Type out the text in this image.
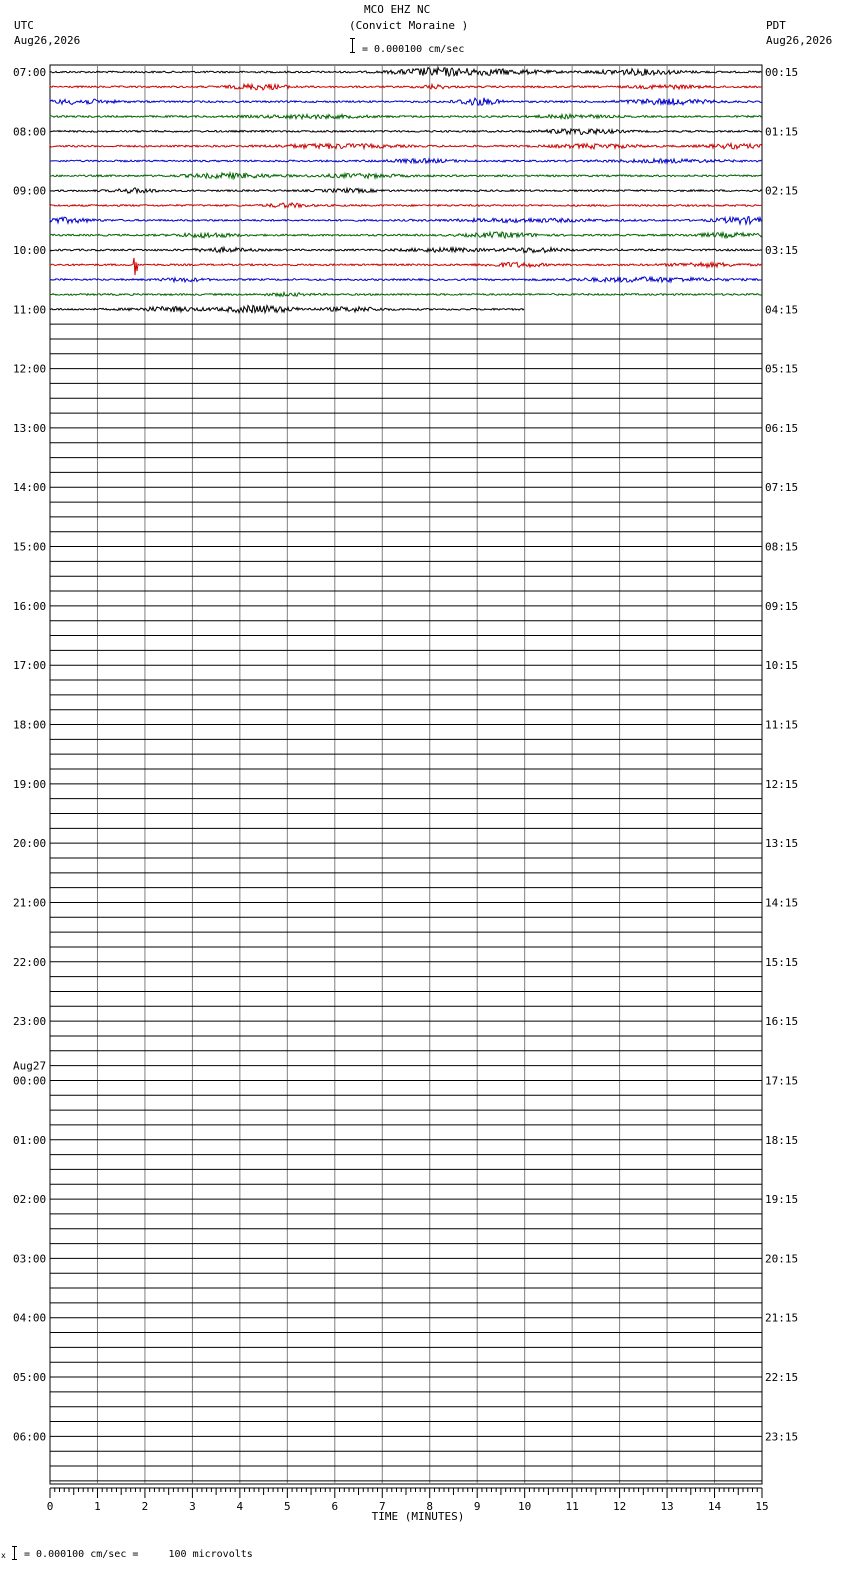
MCO EHZ NC
(Convict Moraine )
= 0.000100 cm/sec
UTC
Aug26,2026
PDT
Aug26,2026
07:00	00:15
08:00	01:15
09:00	02:15
10:00	03:15
11:00	04:15
12:00	05:15
13:00	06:15
14:00	07:15
15:00	08:15
16:00	09:15
17:00	10:15
18:00	11:15
19:00	12:15
20:00	13:15
21:00	14:15
22:00	15:15
23:00	16:15
00:00	17:15
01:00	18:15
02:00	19:15
03:00	20:15
04:00	21:15
05:00	22:15
06:00	23:15
Aug27
0	1	2	3	4	5	6	7	8	9	10	11	12	13	14	15
TIME (MINUTES)
x = 0.000100 cm/sec =     100 microvolts
